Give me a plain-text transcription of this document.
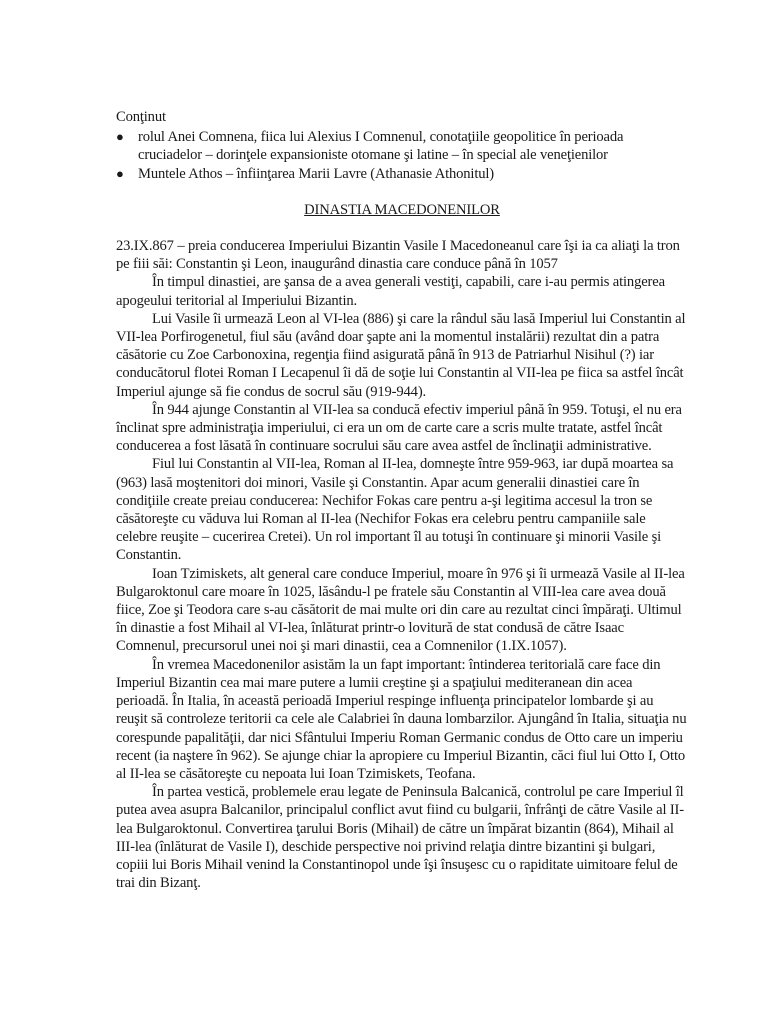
Conţinut

● rolul Anei Comnena, fiica lui Alexius I Comnenul, conotaţiile geopolitice în perioada cruciadelor – dorinţele expansioniste otomane şi latine – în special ale veneţienilor
● Muntele Athos – înfiinţarea Marii Lavre (Athanasie Athonitul)
DINASTIA MACEDONENILOR

23.IX.867 – preia conducerea Imperiului Bizantin Vasile I Macedoneanul care îşi ia ca aliaţi la tron pe fiii săi: Constantin şi Leon, inaugurând dinastia care conduce până în 1057

În timpul dinastiei, are şansa de a avea generali vestiţi, capabili, care i-au permis atingerea apogeului teritorial al Imperiului Bizantin.

Lui Vasile îi urmează Leon al VI-lea (886) şi care la rândul său lasă Imperiul lui Constantin al VII-lea Porfirogenetul, fiul său (având doar şapte ani la momentul instalării) rezultat din a patra căsătorie cu Zoe Carbonoxina, regenţia fiind asigurată până în 913 de Patriarhul Nisihul (?) iar conducătorul flotei Roman I Lecapenul îi dă de soţie lui Constantin al VII-lea pe fiica sa astfel încât Imperiul ajunge să fie condus de socrul său (919-944).

În 944 ajunge Constantin al VII-lea sa conducă efectiv imperiul până în 959. Totuşi, el nu era înclinat spre administraţia imperiului, ci era un om de carte care a scris multe tratate, astfel încât conducerea a fost lăsată în continuare socrului său care avea astfel de înclinaţii administrative.

Fiul lui Constantin al VII-lea, Roman al II-lea, domneşte între 959-963, iar după moartea sa (963) lasă moştenitori doi minori, Vasile şi Constantin. Apar acum generalii dinastiei care în condiţiile create preiau conducerea: Nechifor Fokas care pentru a-şi legitima accesul la tron se căsătoreşte cu văduva lui Roman al II-lea (Nechifor Fokas era celebru pentru campaniile sale celebre reuşite – cucerirea Cretei). Un rol important îl au totuşi în continuare şi minorii Vasile şi Constantin.

Ioan Tzimiskets, alt general care conduce Imperiul, moare în 976 şi îi urmează Vasile al II-lea Bulgaroktonul care moare în 1025, lăsându-l pe fratele său Constantin al VIII-lea care avea două fiice, Zoe şi Teodora care s-au căsătorit de mai multe ori din care au rezultat cinci împăraţi. Ultimul în dinastie a fost Mihail al VI-lea, înlăturat printr-o lovitură de stat condusă de către Isaac Comnenul, precursorul unei noi şi mari dinastii, cea a Comnenilor (1.IX.1057).

În vremea Macedonenilor asistăm la un fapt important: întinderea teritorială care face din Imperiul Bizantin cea mai mare putere a lumii creştine şi a spaţiului mediteranean din acea perioadă. În Italia, în această perioadă Imperiul respinge influenţa principatelor lombarde şi au reuşit să controleze teritorii ca cele ale Calabriei în dauna lombarzilor. Ajungând în Italia, situaţia nu corespunde papalităţii, dar nici Sfântului Imperiu Roman Germanic condus de Otto care un imperiu recent (ia naştere în 962). Se ajunge chiar la apropiere cu Imperiul Bizantin, căci fiul lui Otto I, Otto al II-lea se căsătoreşte cu nepoata lui Ioan Tzimiskets, Teofana.

În partea vestică, problemele erau legate de Peninsula Balcanică, controlul pe care Imperiul îl putea avea asupra Balcanilor, principalul conflict avut fiind cu bulgarii, înfrânţi de către Vasile al II-lea Bulgaroktonul. Convertirea ţarului Boris (Mihail) de către un împărat bizantin (864), Mihail al III-lea (înlăturat de Vasile I), deschide perspective noi privind relaţia dintre bizantini şi bulgari, copiii lui Boris Mihail venind la Constantinopol unde îşi însuşesc cu o rapiditate uimitoare felul de trai din Bizanţ.
